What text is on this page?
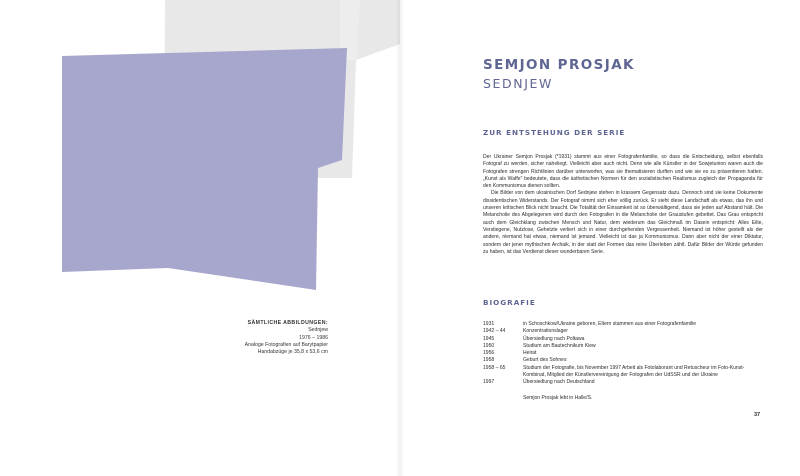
SÄMTLICHE ABBILDUNGEN:
Sednjew
1976 – 1986
Analoge Fotografien auf Barytpapier
Handabzüge je 35,8 x 53,6 cm
SEMJON PROSJAK
SEDNJEW
ZUR ENTSTEHUNG DER SERIE

Der Ukrainer Semjon Prosjak (*1931) stammt aus einer Fotografenfamilie, so dass die Entscheidung, selbst ebenfalls Fotograf zu werden, sicher naheliegt. Vielleicht aber auch nicht. Denn wie alle Künstler in der Sowjetunion waren auch die Fotografen strengen Richtlinien darüber unterworfen, was sie thematisieren durften und wie sie es zu präsentieren hatten. „Kunst als Waffe“ bedeutete, dass die ästhetischen Normen für den sozialistischen Realismus zugleich der Propaganda für den Kommunismus dienen sollten.

Die Bilder von dem ukrainischen Dorf Sednjew stehen in krassem Gegensatz dazu. Dennoch sind sie keine Dokumente dissidentischen Widerstands. Der Fotograf nimmt sich eher völlig zurück. Er sieht diese Landschaft als etwas, das ihn und unseren kritischen Blick nicht braucht. Die Totalität der Einsamkeit ist so überwältigend, dass sie jeden auf Abstand hält. Die Melancholie des Abgelegenen wird durch den Fotografen in die Melancholie der Graustufen gebettet. Das Grau entspricht auch dem Gleichklang zwischen Mensch und Natur, dem wiederum das Gleichmaß im Dasein entspricht: Alles Eilte, Verstiegene, Nutzlose, Gehetzte verliert sich in einer durchgehenden Vergessenheit. Niemand ist höher gestellt als der andere, niemand hat etwas, niemand ist jemand. Vielleicht ist das ja Kommunismus. Dann aber nicht der einer Diktatur, sondern der jener mythischen Archaik, in der statt der Formen das reine Überleben zählt. Dafür Bilder der Würde gefunden zu haben, ist das Verdienst dieser wunderbaren Serie.

BIOGRAFIE
1931	in Schoschkow/Ukraine geboren, Eltern stammen aus einer Fotografenfamilie
1942 – 44	Konzentrationslager
1945	Übersiedlung nach Poltawa
1950	Studium am Bautechnikum Kiew
1956	Heirat
1958	Geburt des Sohnes
1958 – 65	Studium der Fotografie, bis November 1997 Arbeit als Fotolaborant und Retuscheur im Foto-Kunst-Kombinat, Mitglied der Künstlervereinigung der Fotografen der UdSSR und der Ukraine
1997	Übersiedlung nach Deutschland
Semjon Prosjak lebt in Halle/S.
37
